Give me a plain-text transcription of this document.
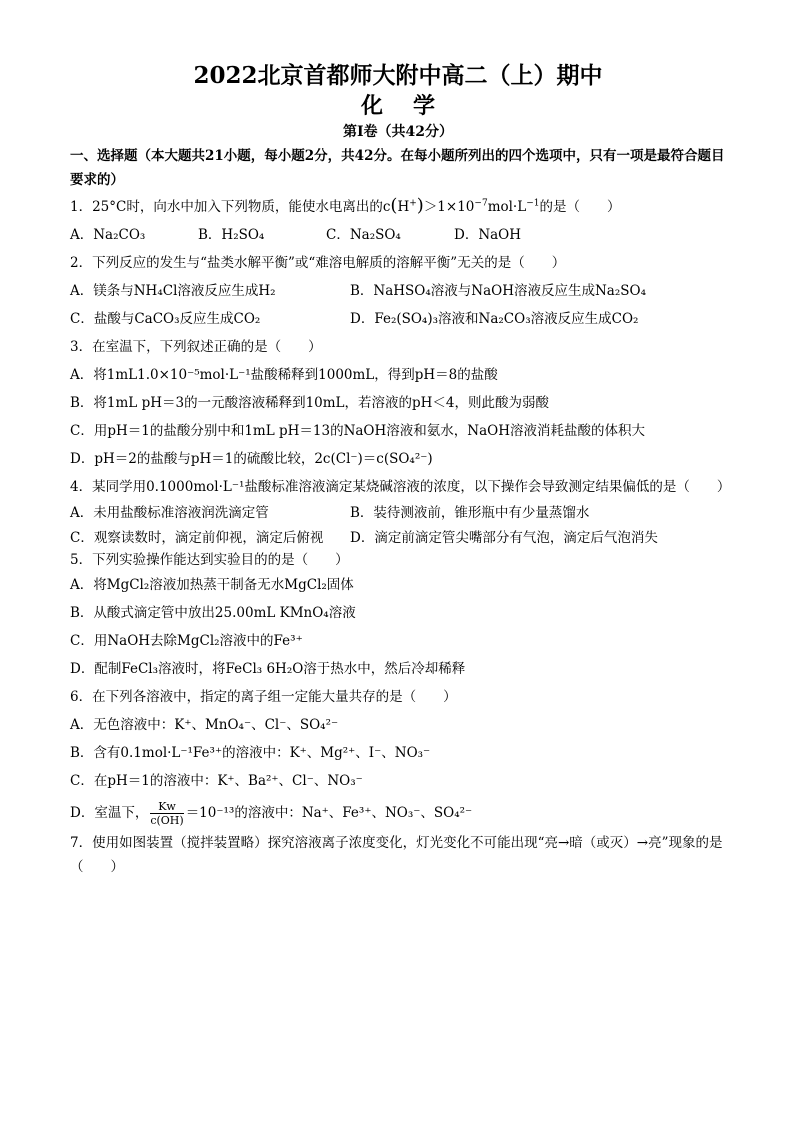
2022北京首都师大附中高二（上）期中
化学
第I卷（共42分）
一、选择题（本大题共21小题，每小题2分，共42分。在每小题所列出的四个选项中，只有一项是最符合题目要求的）
1．25°C时，向水中加入下列物质，能使水电离出的$c(H^+)>1\times 10^{-7}mol\cdot L^{-1}$的是（　　）
A．Na₂CO₃	B．H₂SO₄	C．Na₂SO₄	D．NaOH
2．下列反应的发生与“盐类水解平衡”或“难溶电解质的溶解平衡”无关的是（　　）
A．镁条与NH₄Cl溶液反应生成H₂	B．NaHSO₄溶液与NaOH溶液反应生成Na₂SO₄
C．盐酸与CaCO₃反应生成CO₂	D．Fe₂(SO₄)₃溶液和Na₂CO₃溶液反应生成CO₂
3．在室温下，下列叙述正确的是（　　）
A．将1mL1.0×10⁻⁵mol·L⁻¹盐酸稀释到1000mL，得到pH＝8的盐酸
B．将1mL pH＝3的一元酸溶液稀释到10mL，若溶液的pH＜4，则此酸为弱酸
C．用pH＝1的盐酸分别中和1mL pH＝13的NaOH溶液和氨水，NaOH溶液消耗盐酸的体积大
D．pH＝2的盐酸与pH＝1的硫酸比较，2c(Cl⁻)＝c(SO₄²⁻)
4．某同学用0.1000mol·L⁻¹盐酸标准溶液滴定某烧碱溶液的浓度，以下操作会导致测定结果偏低的是（　　）
A．未用盐酸标准溶液润洗滴定管	B．装待测液前，锥形瓶中有少量蒸馏水
C．观察读数时，滴定前仰视，滴定后俯视	D．滴定前滴定管尖嘴部分有气泡，滴定后气泡消失
5．下列实验操作能达到实验目的的是（　　）
A．将MgCl₂溶液加热蒸干制备无水MgCl₂固体
B．从酸式滴定管中放出25.00mL KMnO₄溶液
C．用NaOH去除MgCl₂溶液中的Fe³⁺
D．配制FeCl₃溶液时，将FeCl₃ 6H₂O溶于热水中，然后冷却稀释
6．在下列各溶液中，指定的离子组一定能大量共存的是（　　）
A．无色溶液中：K⁺、MnO₄⁻、Cl⁻、SO₄²⁻
B．含有0.1mol·L⁻¹Fe³⁺的溶液中：K⁺、Mg²⁺、I⁻、NO₃⁻
C．在pH＝1的溶液中：K⁺、Ba²⁺、Cl⁻、NO₃⁻
D．室温下， $\frac{Kw}{c(OH)} =10^{-13}$的溶液中：Na⁺、Fe³⁺、NO₃⁻、SO₄²⁻
7．使用如图装置（搅拌装置略）探究溶液离子浓度变化，灯光变化不可能出现“亮→暗（或灭）→亮”现象的是（　　）
